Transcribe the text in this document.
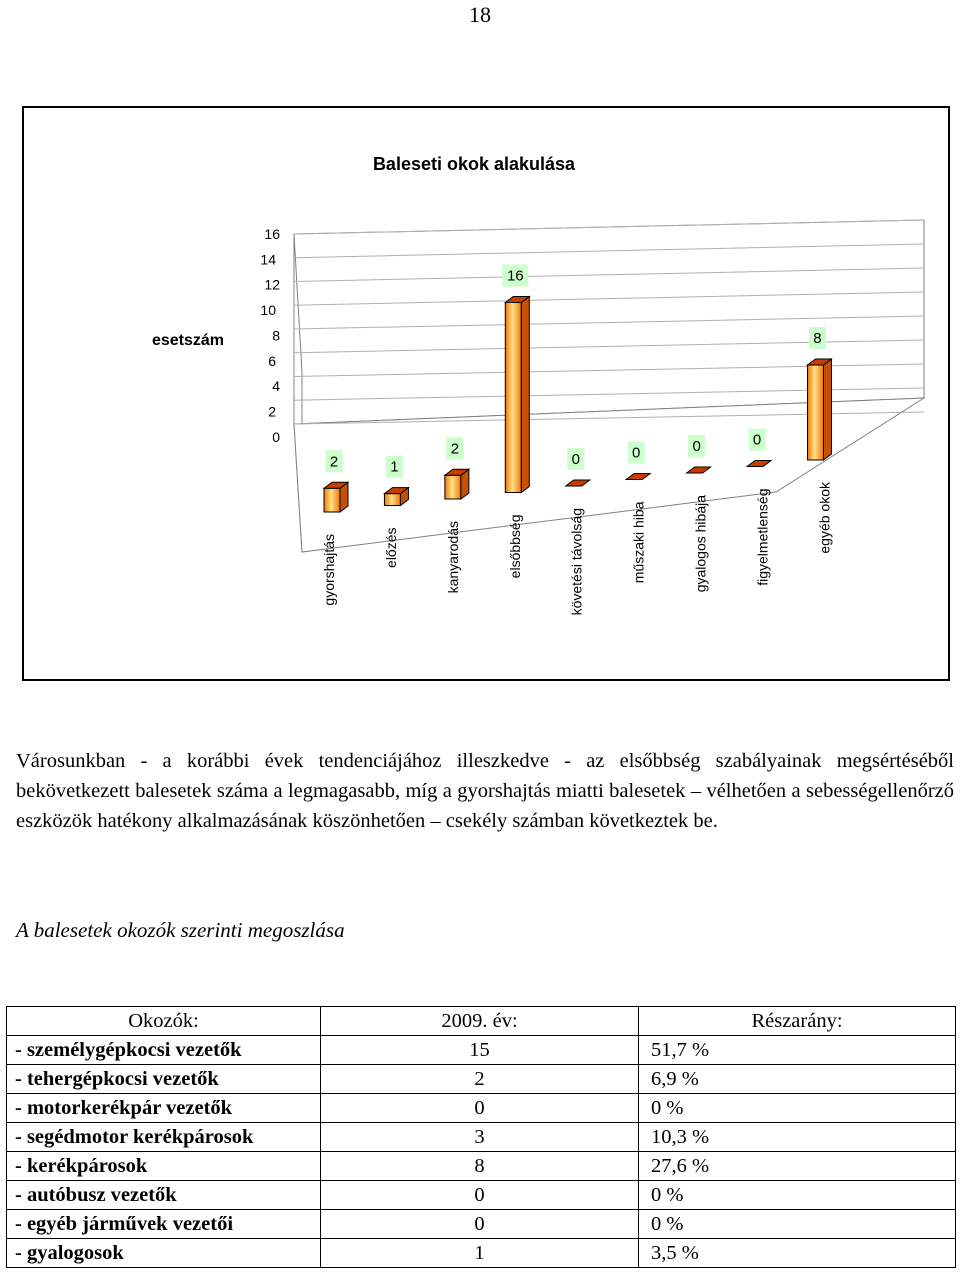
18
Baleseti okok alakulása
esetszám
0
2
4
6
8
10
12
14
16
2	1
2
16
0	0	0	0
8
gyorshajtás	előzés	kanyarodás	elsőbbség	követési távolság	műszaki hiba	gyalogos hibája	figyelmetlenség	egyéb okok
Városunkban - a korábbi évek tendenciájához illeszkedve - az elsőbbség szabályainak megsértéséből bekövetkezett balesetek száma a legmagasabb, míg a gyorshajtás miatti balesetek – vélhetően a sebességellenőrző eszközök hatékony alkalmazásának köszönhetően – csekély számban következtek be.
A balesetek okozók szerinti megoszlása
Okozók:	2009. év:	Részarány:
- személygépkocsi vezetők	15	51,7 %
- tehergépkocsi vezetők	2	6,9 %
- motorkerékpár vezetők	0	0 %
- segédmotor kerékpárosok	3	10,3 %
- kerékpárosok	8	27,6 %
- autóbusz vezetők	0	0 %
- egyéb járművek vezetői	0	0 %
- gyalogosok	1	3,5 %
